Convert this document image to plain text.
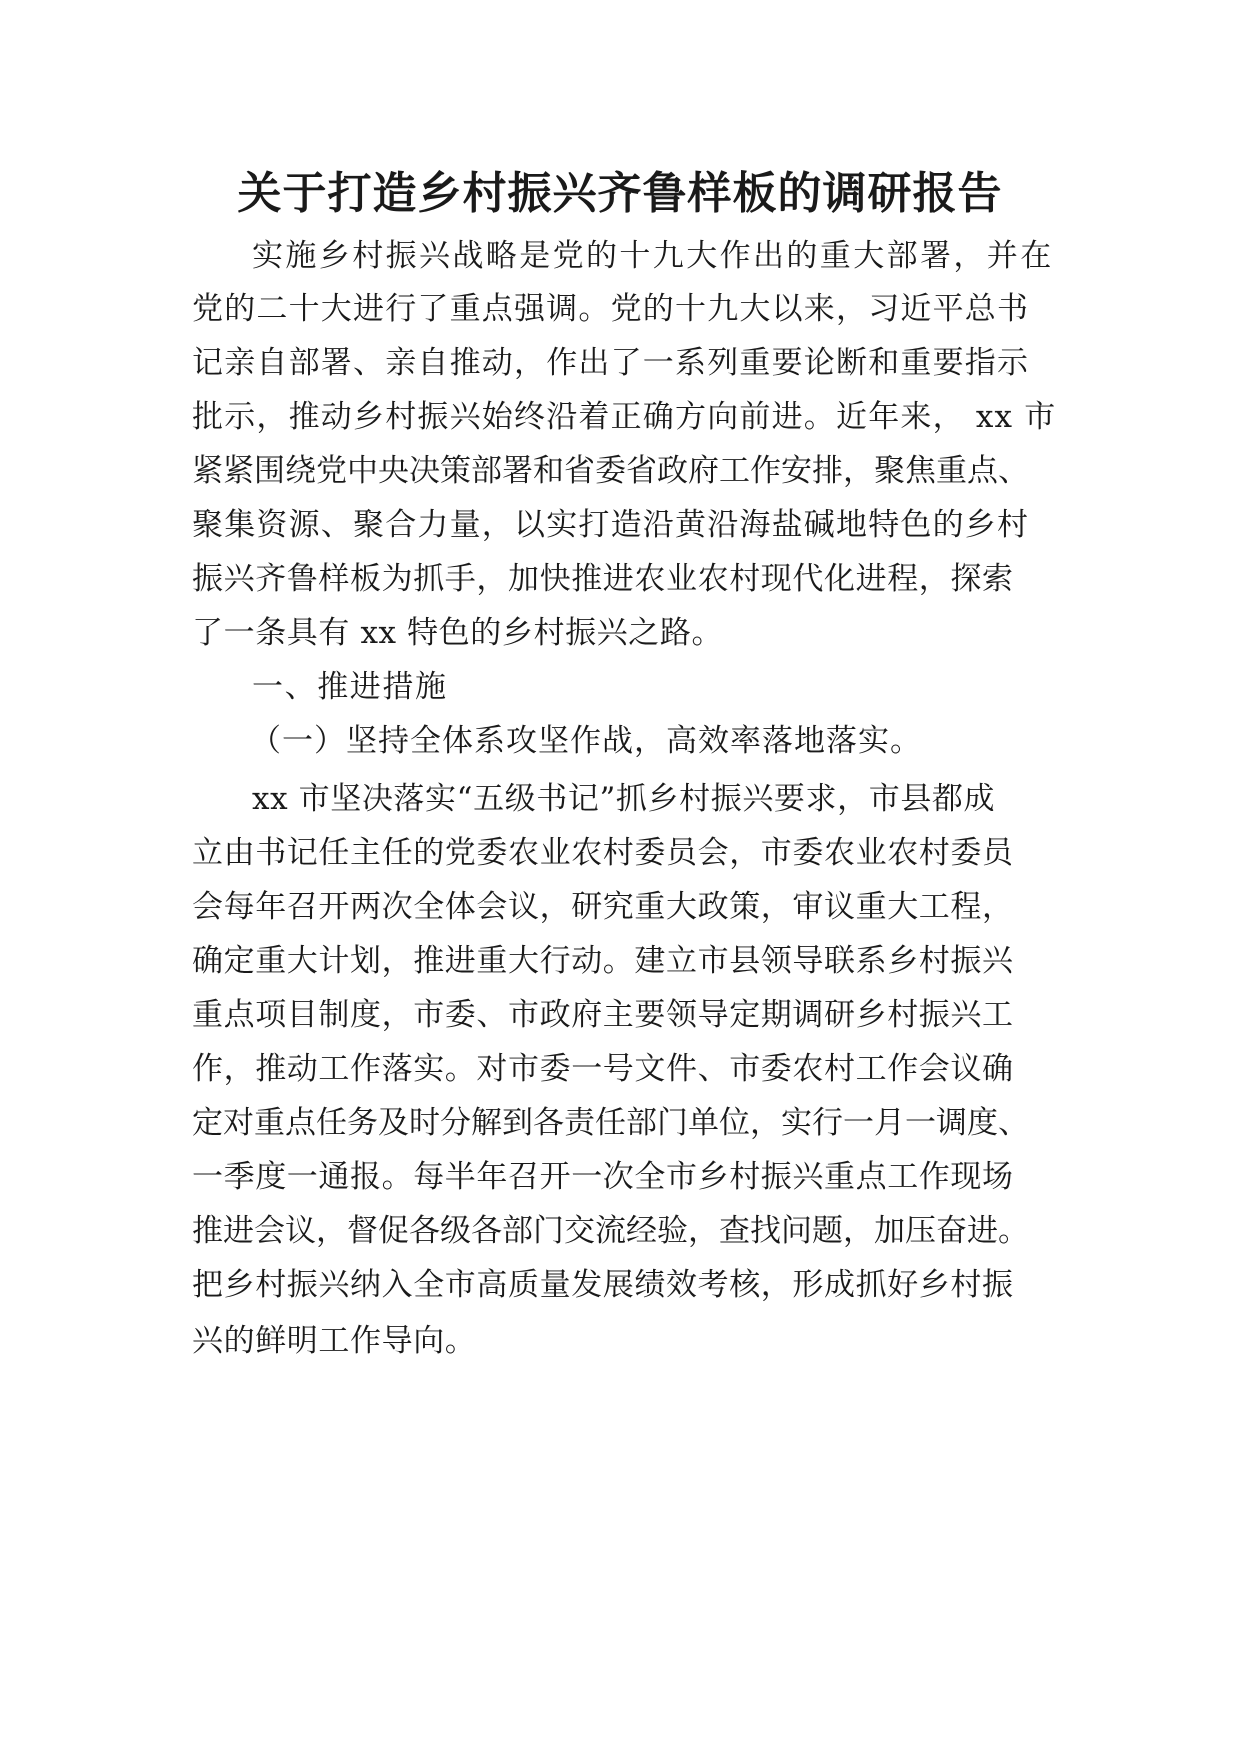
关于打造乡村振兴齐鲁样板的调研报告

实施乡村振兴战略是党的十九大作出的重大部署，并在

党的二十大进行了重点强调。党的十九大以来，习近平总书

记亲自部署、亲自推动，作出了一系列重要论断和重要指示

批示，推动乡村振兴始终沿着正确方向前进。近年来， xx 市

紧紧围绕党中央决策部署和省委省政府工作安排，聚焦重点、

聚集资源、聚合力量，以实打造沿黄沿海盐碱地特色的乡村

振兴齐鲁样板为抓手，加快推进农业农村现代化进程，探索

了一条具有 xx 特色的乡村振兴之路。

一、推进措施

（一）坚持全体系攻坚作战，高效率落地落实。

xx 市坚决落实“五级书记”抓乡村振兴要求，市县都成

立由书记任主任的党委农业农村委员会，市委农业农村委员

会每年召开两次全体会议，研究重大政策，审议重大工程，

确定重大计划，推进重大行动。建立市县领导联系乡村振兴

重点项目制度，市委、市政府主要领导定期调研乡村振兴工

作，推动工作落实。对市委一号文件、市委农村工作会议确

定对重点任务及时分解到各责任部门单位，实行一月一调度、

一季度一通报。每半年召开一次全市乡村振兴重点工作现场

推进会议，督促各级各部门交流经验，查找问题，加压奋进。

把乡村振兴纳入全市高质量发展绩效考核，形成抓好乡村振

兴的鲜明工作导向。
